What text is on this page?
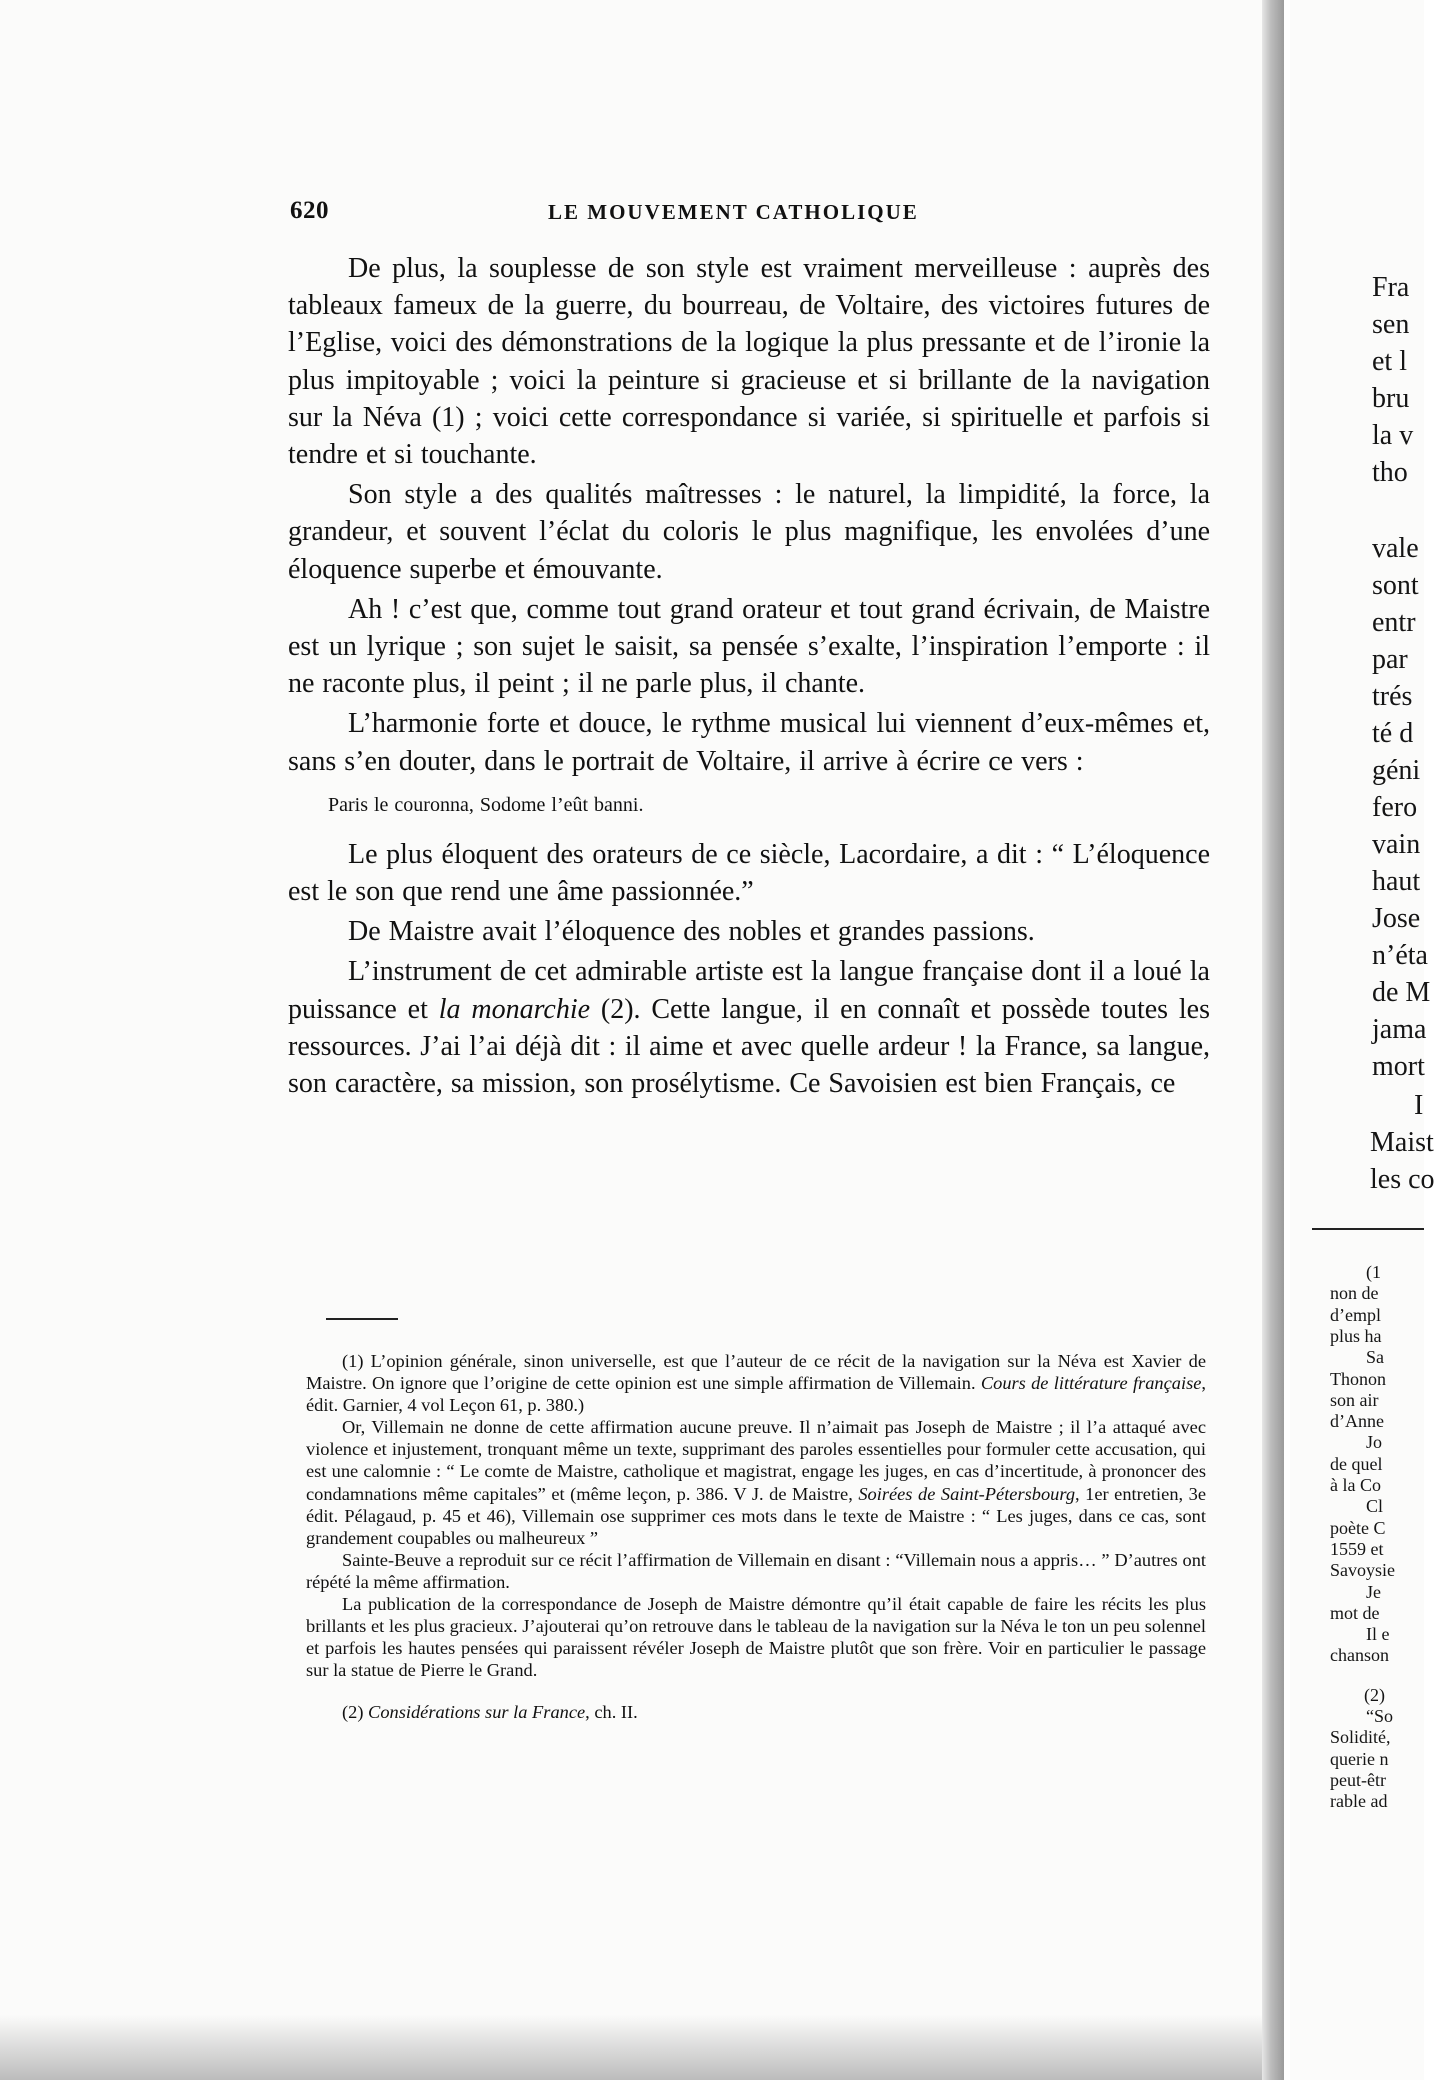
620	LE MOUVEMENT CATHOLIQUE

De plus, la souplesse de son style est vraiment merveilleuse : auprès des tableaux fameux de la guerre, du bourreau, de Voltaire, des victoires futures de l’Eglise, voici des démonstrations de la logique la plus pressante et de l’ironie la plus impitoyable ; voici la peinture si gracieuse et si brillante de la navigation sur la Néva (1) ; voici cette correspondance si variée, si spirituelle et parfois si tendre et si touchante.

Son style a des qualités maîtresses : le naturel, la limpidité, la force, la grandeur, et souvent l’éclat du coloris le plus magnifique, les envolées d’une éloquence superbe et émouvante.

Ah ! c’est que, comme tout grand orateur et tout grand écrivain, de Maistre est un lyrique ; son sujet le saisit, sa pensée s’exalte, l’inspiration l’emporte : il ne raconte plus, il peint ; il ne parle plus, il chante.

L’harmonie forte et douce, le rythme musical lui viennent d’eux-mêmes et, sans s’en douter, dans le portrait de Voltaire, il arrive à écrire ce vers :

Paris le couronna, Sodome l’eût banni.

Le plus éloquent des orateurs de ce siècle, Lacordaire, a dit : “ L’éloquence est le son que rend une âme passionnée.”

De Maistre avait l’éloquence des nobles et grandes passions.

L’instrument de cet admirable artiste est la langue française dont il a loué la puissance et la monarchie (2). Cette langue, il en connaît et possède toutes les ressources. J’ai l’ai déjà dit : il aime et avec quelle ardeur ! la France, sa langue, son caractère, sa mission, son prosélytisme. Ce Savoisien est bien Français, ce

(1) L’opinion générale, sinon universelle, est que l’auteur de ce récit de la navigation sur la Néva est Xavier de Maistre. On ignore que l’origine de cette opinion est une simple affirmation de Villemain. Cours de littérature française, édit. Garnier, 4 vol Leçon 61, p. 380.)

Or, Villemain ne donne de cette affirmation aucune preuve. Il n’aimait pas Joseph de Maistre ; il l’a attaqué avec violence et injustement, tronquant même un texte, supprimant des paroles essentielles pour formuler cette accusation, qui est une calomnie : “ Le comte de Maistre, catholique et magistrat, engage les juges, en cas d’incertitude, à prononcer des condamnations même capitales” et (même leçon, p. 386. V J. de Maistre, Soirées de Saint-Pétersbourg, 1er entretien, 3e édit. Pélagaud, p. 45 et 46), Villemain ose supprimer ces mots dans le texte de Maistre : “ Les juges, dans ce cas, sont grandement coupables ou malheureux ”

Sainte-Beuve a reproduit sur ce récit l’affirmation de Villemain en disant : “Villemain nous a appris… ” D’autres ont répété la même affirmation.

La publication de la correspondance de Joseph de Maistre démontre qu’il était capable de faire les récits les plus brillants et les plus gracieux. J’ajouterai qu’on retrouve dans le tableau de la navigation sur la Néva le ton un peu solennel et parfois les hautes pensées qui paraissent révéler Joseph de Maistre plutôt que son frère. Voir en particulier le passage sur la statue de Pierre le Grand.

(2) Considérations sur la France, ch. II.

Fra
sen
et l
bru
la v
tho
vale
sont
entr
par
trés
té d
géni
fero
vain
haut
Jose
n’éta
de M
jama
mort
I
Maist
les co
(1
non de
d’empl
plus ha
Sa
Thonon
son air
d’Anne
Jo
de quel
à la Co
Cl
poète C
1559 et
Savoysie
Je
mot de
Il e
chanson
(2)
“So
Solidité,
querie n
peut-êtr
rable ad
